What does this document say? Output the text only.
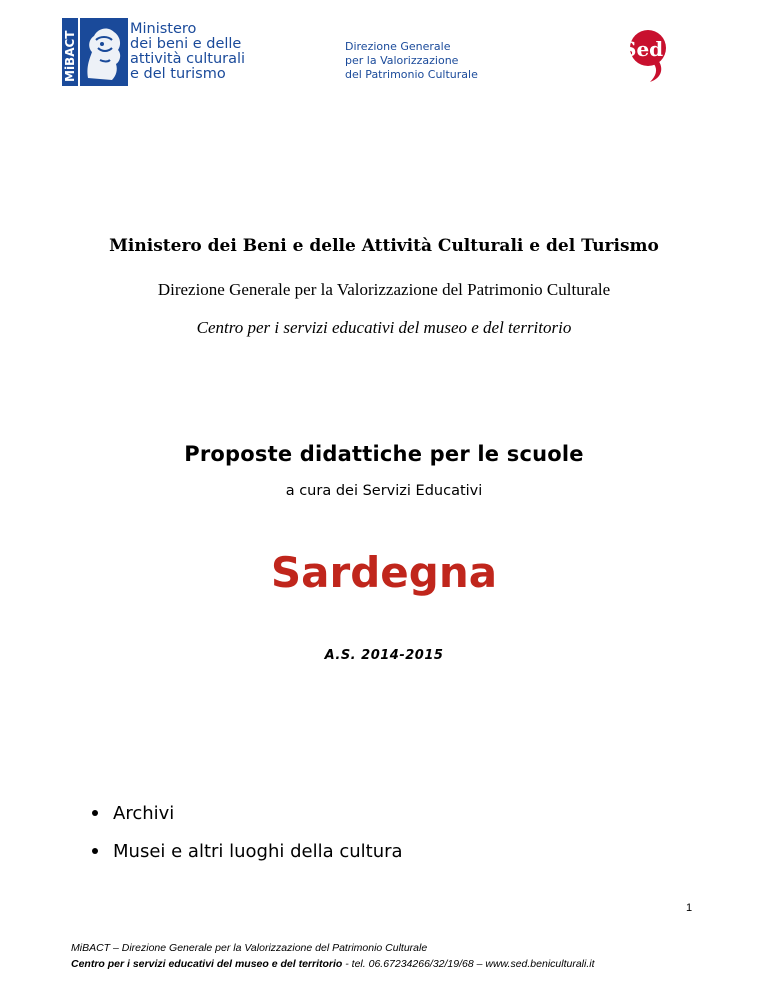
MiBACT
Ministero
dei beni e delle
attività culturali
e del turismo
Direzione Generale
per la Valorizzazione
del Patrimonio Culturale
Sed
Ministero dei Beni e delle Attività Culturali e del Turismo
Direzione Generale per la Valorizzazione del Patrimonio Culturale
Centro per i servizi educativi del museo e del territorio
Proposte didattiche per le scuole
a cura dei Servizi Educativi
Sardegna
A.S. 2014-2015
Archivi
Musei e altri luoghi della cultura
1
MiBACT – Direzione Generale per la Valorizzazione del Patrimonio Culturale
Centro per i servizi educativi del museo e del territorio - tel. 06.67234266/32/19/68 – www.sed.beniculturali.it
